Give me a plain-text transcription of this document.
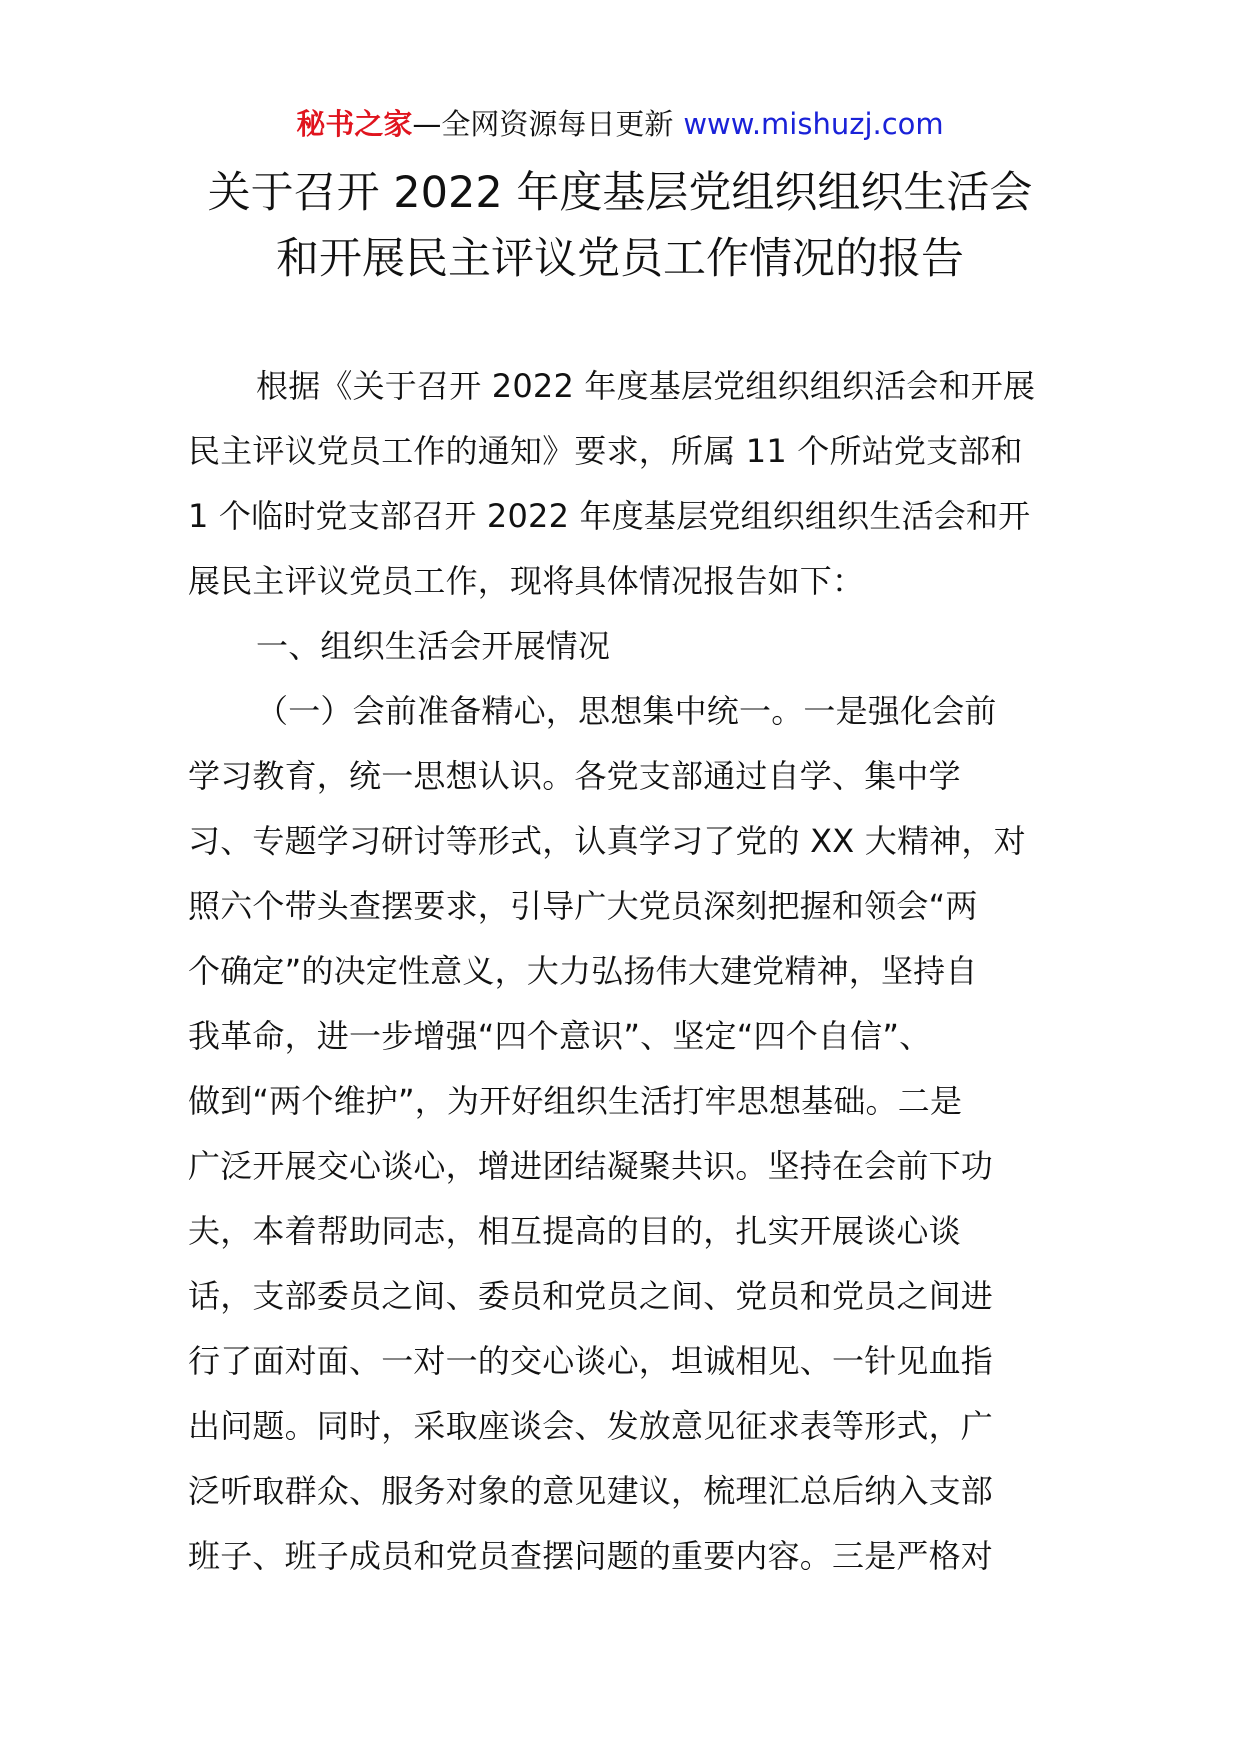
秘书之家—全网资源每日更新 www.mishuzj.com
关于召开 2022 年度基层党组织组织生活会
和开展民主评议党员工作情况的报告
根据《关于召开 2022 年度基层党组织组织活会和开展
民主评议党员工作的通知》要求，所属 11 个所站党支部和
1 个临时党支部召开 2022 年度基层党组织组织生活会和开
展民主评议党员工作，现将具体情况报告如下：
一、组织生活会开展情况
（一）会前准备精心，思想集中统一。一是强化会前
学习教育，统一思想认识。各党支部通过自学、集中学
习、专题学习研讨等形式，认真学习了党的 XX 大精神，对
照六个带头查摆要求，引导广大党员深刻把握和领会“两
个确定”的决定性意义，大力弘扬伟大建党精神，坚持自
我革命，进一步增强“四个意识”、坚定“四个自信”、
做到“两个维护”，为开好组织生活打牢思想基础。二是
广泛开展交心谈心，增进团结凝聚共识。坚持在会前下功
夫，本着帮助同志，相互提高的目的，扎实开展谈心谈
话，支部委员之间、委员和党员之间、党员和党员之间进
行了面对面、一对一的交心谈心，坦诚相见、一针见血指
出问题。同时，采取座谈会、发放意见征求表等形式，广
泛听取群众、服务对象的意见建议，梳理汇总后纳入支部
班子、班子成员和党员查摆问题的重要内容。三是严格对
